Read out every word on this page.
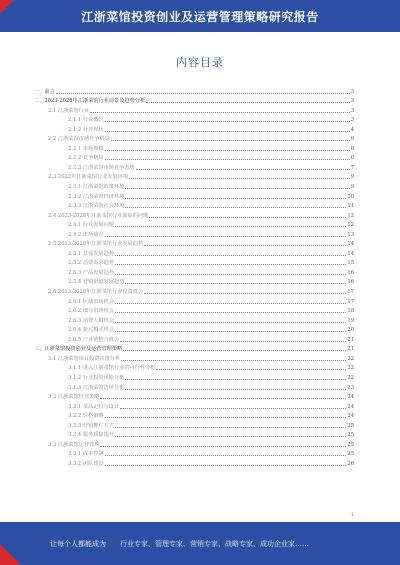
江浙菜馆投资创业及运营管理策略研究报告
内容目录
一、前言	3
二、2023-2028年江浙菜馆行业前景及趋势分析	3
2.1 江浙菜馆行业	3
2.1.1 行业概况	3
2.1.2 行业现状	4
2.2 江浙菜馆市场竞争格局	6
2.2.1 市场规模	6
2.2.2 竞争格局	6
2.2.3 江浙菜馆市场竞争态势	7
2.3 2022年江浙菜馆行业发展环境	9
2.3.1 江浙菜馆政策环境	9
2.3.2 江浙菜馆经济环境	10
2.3.3 江浙菜馆社会环境	11
2.4 2023-2028年江浙菜馆行业面临的问题	12
2.4.1 行业发展问题	12
2.4.2 市场痛点	13
2.5 2023-2028年江浙菜馆行业发展趋势	14
2.5.1 总体发展趋势	14
2.5.2 消费需求趋势	15
2.5.3 产品发展趋势	16
2.5.4 营销渠道发展趋势	16
2.6 2023-2028年江浙菜馆行业投资机会	17
2.6.1 区域市场机会	17
2.6.2 细分市场机会	18
2.6.3 消费人群机会	19
2.6.4 新兴模式机会	20
2.6.5 产业链整合机会	21
三、江浙菜馆投资创业及运营管理策略	21
3.1 江浙菜馆项目投资决策分析	22
3.1.1 进入江浙菜馆行业的可行性分析	22
3.1.2 行业投资风险分析	22
3.1.3 江浙菜馆选址分析	23
3.2 江浙菜馆经营策略	24
3.2.1 菜品定位与设计	24
3.2.2 价格策略	24
3.2.3 营销推广方式	25
3.2.4 服务质量提升	25
3.3 江浙菜馆运营管理	25
3.3.1 成本控制	25
3.3.2 团队建设	26
1
让每个人都能成为 行业专家、管理专家、营销专家、战略专家、成功企业家……
